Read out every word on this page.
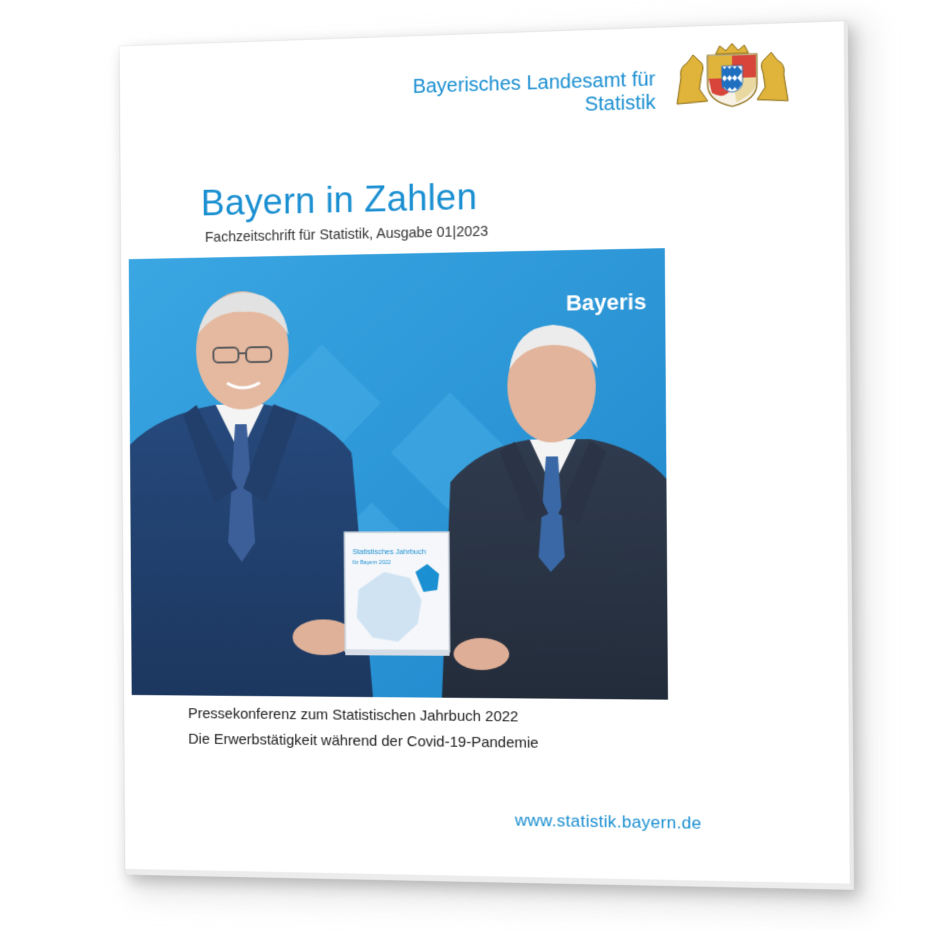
Bayerisches Landesamt für
Statistik
Bayern in Zahlen

Fachzeitschrift für Statistik, Ausgabe 01|2023

Bayeris
Statistisches Jahrbuch
für Bayern 2022

Pressekonferenz zum Statistischen Jahrbuch 2022

Die Erwerbstätigkeit während der Covid-19-Pandemie

www.statistik.bayern.de
